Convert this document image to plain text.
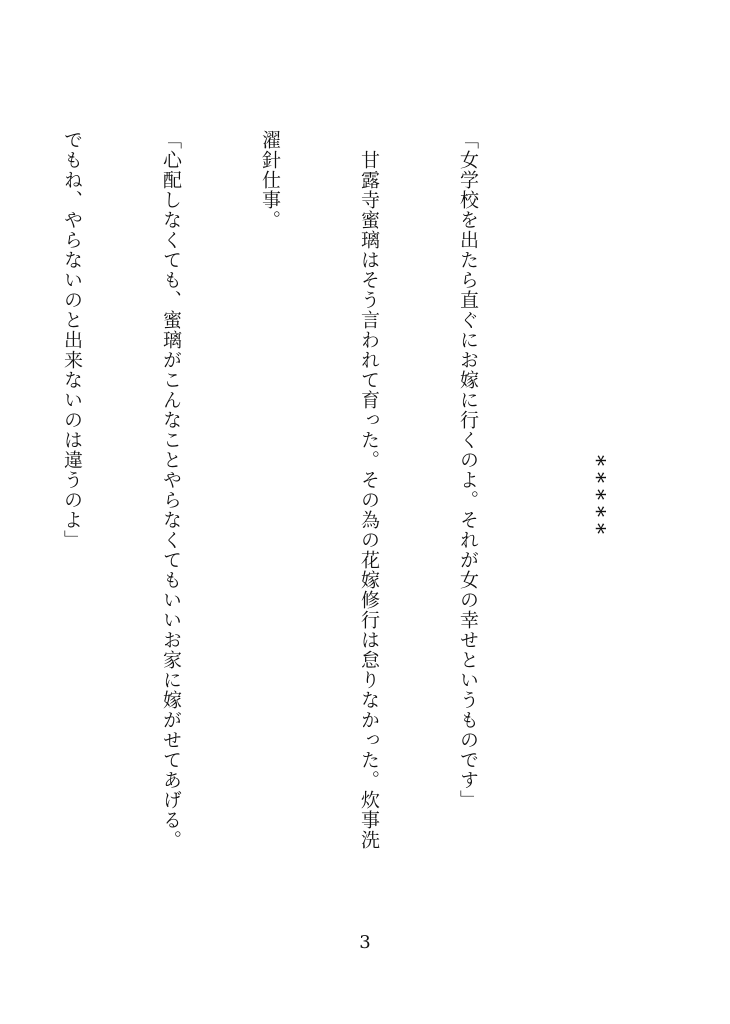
*****

「女学校を出たら直ぐにお嫁に行くのよ。それが女の幸せというものです」

　甘露寺蜜璃はそう言われて育った。その為の花嫁修行は怠りなかった。炊事洗

濯針仕事。

「心配しなくても、蜜璃がこんなことやらなくてもいいお家に嫁がせてあげる。

でもね、やらないのと出来ないのは違うのよ」

3
